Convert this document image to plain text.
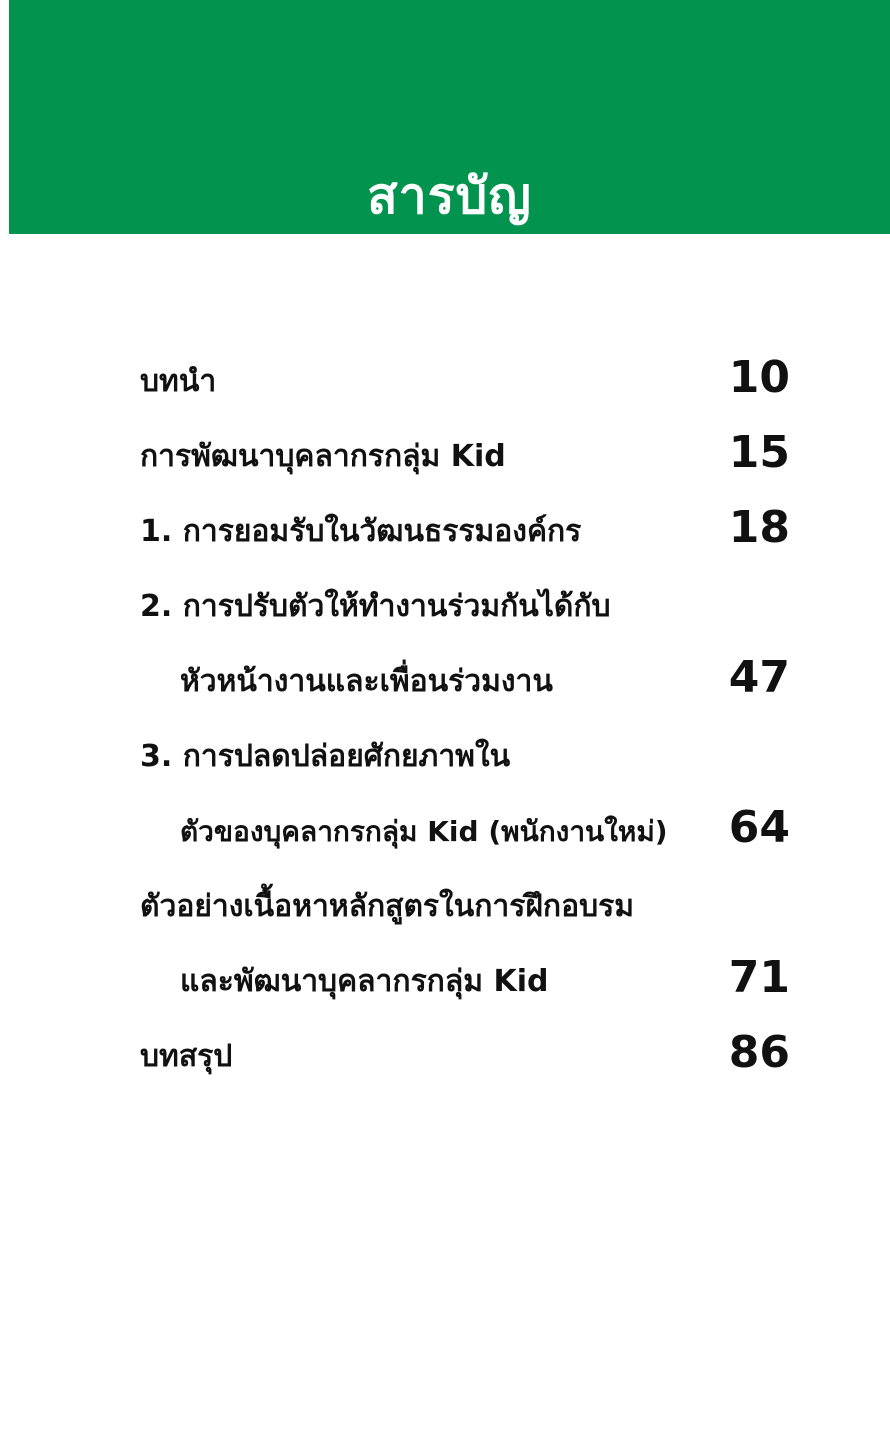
สารบัญ
บทนำ	10
การพัฒนาบุคลากรกลุ่ม Kid	15
1. การยอมรับในวัฒนธรรมองค์กร	18
2. การปรับตัวให้ทำงานร่วมกันได้กับ
หัวหน้างานและเพื่อนร่วมงาน	47
3. การปลดปล่อยศักยภาพใน
ตัวของบุคลากรกลุ่ม Kid (พนักงานใหม่) 64
ตัวอย่างเนื้อหาหลักสูตรในการฝึกอบรม
และพัฒนาบุคลากรกลุ่ม Kid	71
บทสรุป	86
